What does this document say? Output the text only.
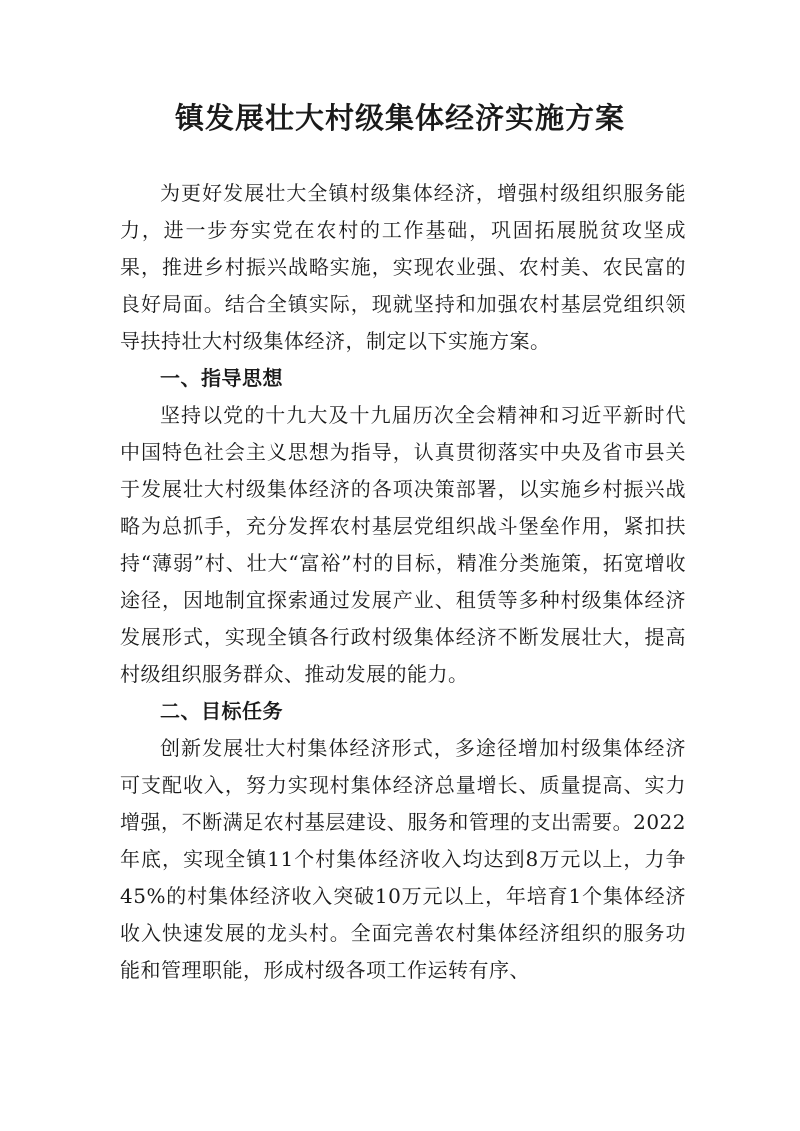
镇发展壮大村级集体经济实施方案

为更好发展壮大全镇村级集体经济，增强村级组织服务能力，进一步夯实党在农村的工作基础，巩固拓展脱贫攻坚成果，推进乡村振兴战略实施，实现农业强、农村美、农民富的良好局面。结合全镇实际，现就坚持和加强农村基层党组织领导扶持壮大村级集体经济，制定以下实施方案。

一、指导思想

坚持以党的十九大及十九届历次全会精神和习近平新时代中国特色社会主义思想为指导，认真贯彻落实中央及省市县关于发展壮大村级集体经济的各项决策部署，以实施乡村振兴战略为总抓手，充分发挥农村基层党组织战斗堡垒作用，紧扣扶持“薄弱”村、壮大“富裕”村的目标，精准分类施策，拓宽增收途径，因地制宜探索通过发展产业、租赁等多种村级集体经济发展形式，实现全镇各行政村级集体经济不断发展壮大，提高村级组织服务群众、推动发展的能力。

二、目标任务

创新发展壮大村集体经济形式，多途径增加村级集体经济可支配收入，努力实现村集体经济总量增长、质量提高、实力增强，不断满足农村基层建设、服务和管理的支出需要。2022年底，实现全镇11个村集体经济收入均达到8万元以上，力争45%的村集体经济收入突破10万元以上，年培育1个集体经济收入快速发展的龙头村。全面完善农村集体经济组织的服务功能和管理职能，形成村级各项工作运转有序、
